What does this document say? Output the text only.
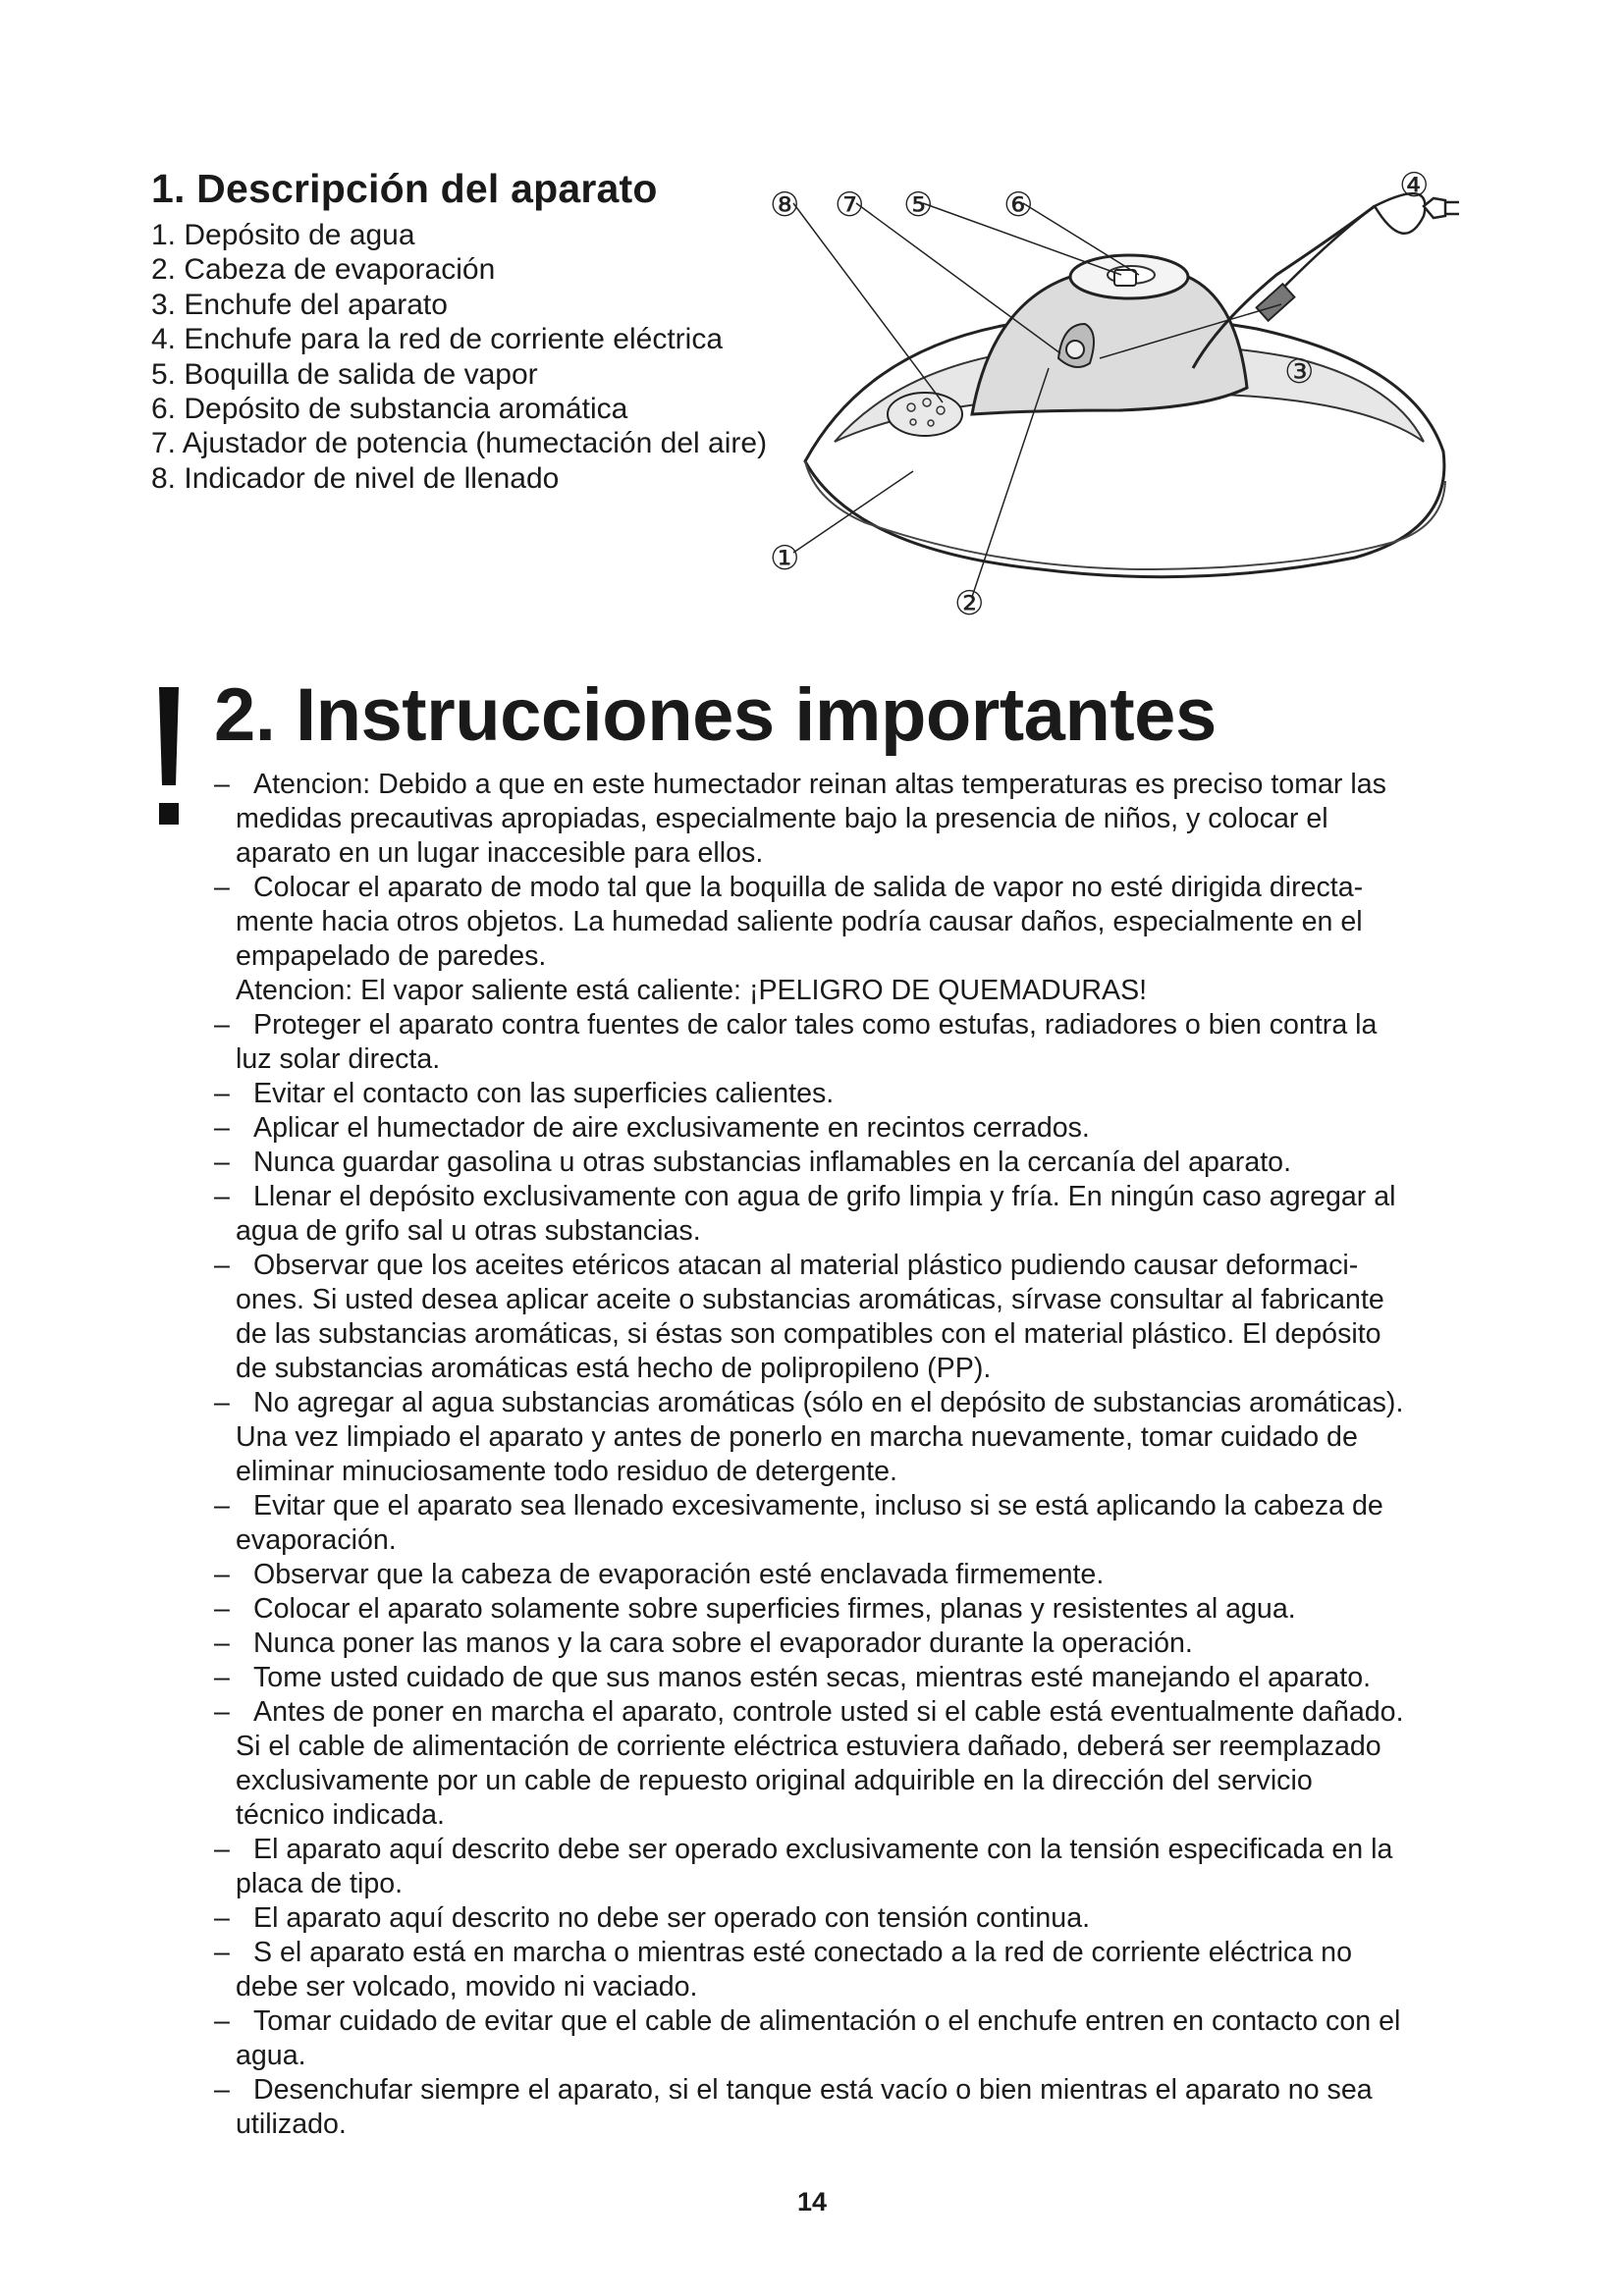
1. Descripción del aparato
1. Depósito de agua
2. Cabeza de evaporación
3. Enchufe del aparato
4. Enchufe para la red de corriente eléctrica
5. Boquilla de salida de vapor
6. Depósito de substancia aromática
7. Ajustador de potencia (humectación del aire)
8. Indicador de nivel de llenado
⑧ ⑦ ⑤ ⑥	④
③
①
②
2. Instrucciones importantes
– Atencion: Debido a que en este humectador reinan altas temperaturas es preciso tomar las
medidas precautivas apropiadas, especialmente bajo la presencia de niños, y colocar el
aparato en un lugar inaccesible para ellos.
– Colocar el aparato de modo tal que la boquilla de salida de vapor no esté dirigida directa-
mente hacia otros objetos. La humedad saliente podría causar daños, especialmente en el
empapelado de paredes.
Atencion: El vapor saliente está caliente: ¡PELIGRO DE QUEMADURAS!
– Proteger el aparato contra fuentes de calor tales como estufas, radiadores o bien contra la
luz solar directa.
– Evitar el contacto con las superficies calientes.
– Aplicar el humectador de aire exclusivamente en recintos cerrados.
– Nunca guardar gasolina u otras substancias inflamables en la cercanía del aparato.
– Llenar el depósito exclusivamente con agua de grifo limpia y fría. En ningún caso agregar al
agua de grifo sal u otras substancias.
– Observar que los aceites etéricos atacan al material plástico pudiendo causar deformaci-
ones. Si usted desea aplicar aceite o substancias aromáticas, sírvase consultar al fabricante
de las substancias aromáticas, si éstas son compatibles con el material plástico. El depósito
de substancias aromáticas está hecho de polipropileno (PP).
– No agregar al agua substancias aromáticas (sólo en el depósito de substancias aromáticas).
Una vez limpiado el aparato y antes de ponerlo en marcha nuevamente, tomar cuidado de
eliminar minuciosamente todo residuo de detergente.
– Evitar que el aparato sea llenado excesivamente, incluso si se está aplicando la cabeza de
evaporación.
– Observar que la cabeza de evaporación esté enclavada firmemente.
– Colocar el aparato solamente sobre superficies firmes, planas y resistentes al agua.
– Nunca poner las manos y la cara sobre el evaporador durante la operación.
– Tome usted cuidado de que sus manos estén secas, mientras esté manejando el aparato.
– Antes de poner en marcha el aparato, controle usted si el cable está eventualmente dañado.
Si el cable de alimentación de corriente eléctrica estuviera dañado, deberá ser reemplazado
exclusivamente por un cable de repuesto original adquirible en la dirección del servicio
técnico indicada.
– El aparato aquí descrito debe ser operado exclusivamente con la tensión especificada en la
placa de tipo.
– El aparato aquí descrito no debe ser operado con tensión continua.
– S el aparato está en marcha o mientras esté conectado a la red de corriente eléctrica no
debe ser volcado, movido ni vaciado.
– Tomar cuidado de evitar que el cable de alimentación o el enchufe entren en contacto con el
agua.
– Desenchufar siempre el aparato, si el tanque está vacío o bien mientras el aparato no sea
utilizado.
14
